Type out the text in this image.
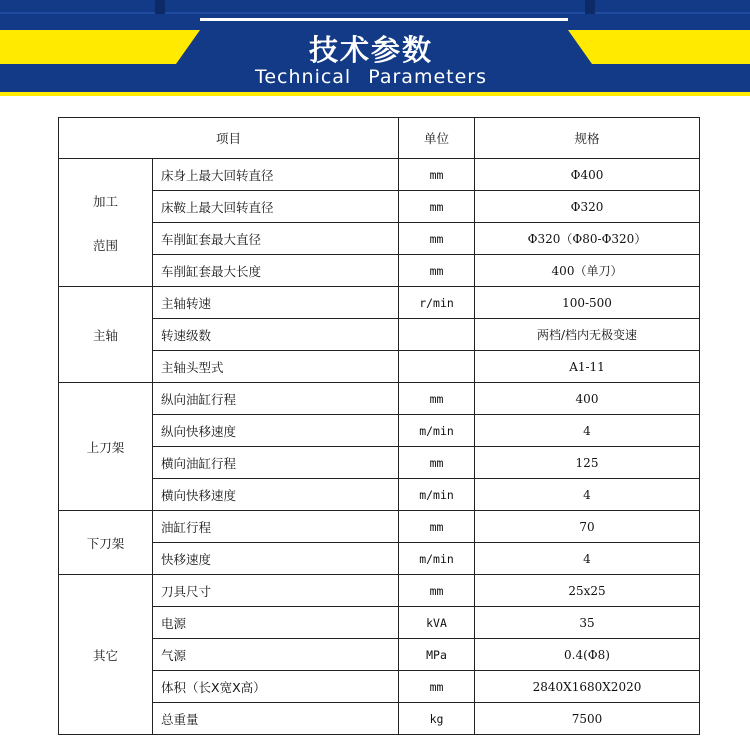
技术参数
Technical Parameters
项目		单位	规格

加工
范围	床身上最大回转直径	mm	Φ400
	床鞍上最大回转直径	mm	Φ320
	车削缸套最大直径	mm	Φ320（Φ80-Φ320）
	车削缸套最大长度	mm	400（单刀）

主轴	主轴转速	r/min	100-500
	转速级数		两档/档内无极变速
	主轴头型式		A1-11

上刀架	纵向油缸行程	mm	400
	纵向快移速度	m/min	4
	横向油缸行程	mm	125
	横向快移速度	m/min	4

下刀架	油缸行程	mm	70
	快移速度	m/min	4

其它	刀具尺寸	mm	25x25
	电源	kVA	35
	气源	MPa	0.4(Φ8)
	体积（长X宽X高）	mm	2840X1680X2020
	总重量	kg	7500
